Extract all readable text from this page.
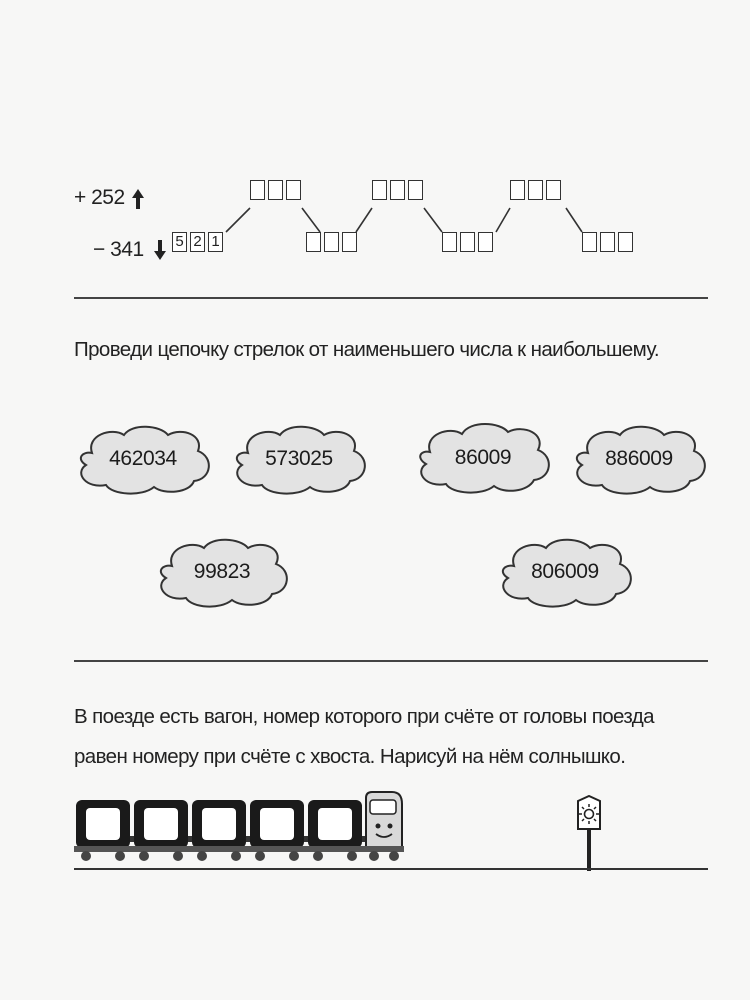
+ 252
− 341 5 2 1
Проведи цепочку стрелок от наименьшего числа к наибольшему.
462034	573025	86009	886009
99823	806009
В поезде есть вагон, номер которого при счёте от головы поезда
равен номеру при счёте с хвоста. Нарисуй на нём солнышко.
